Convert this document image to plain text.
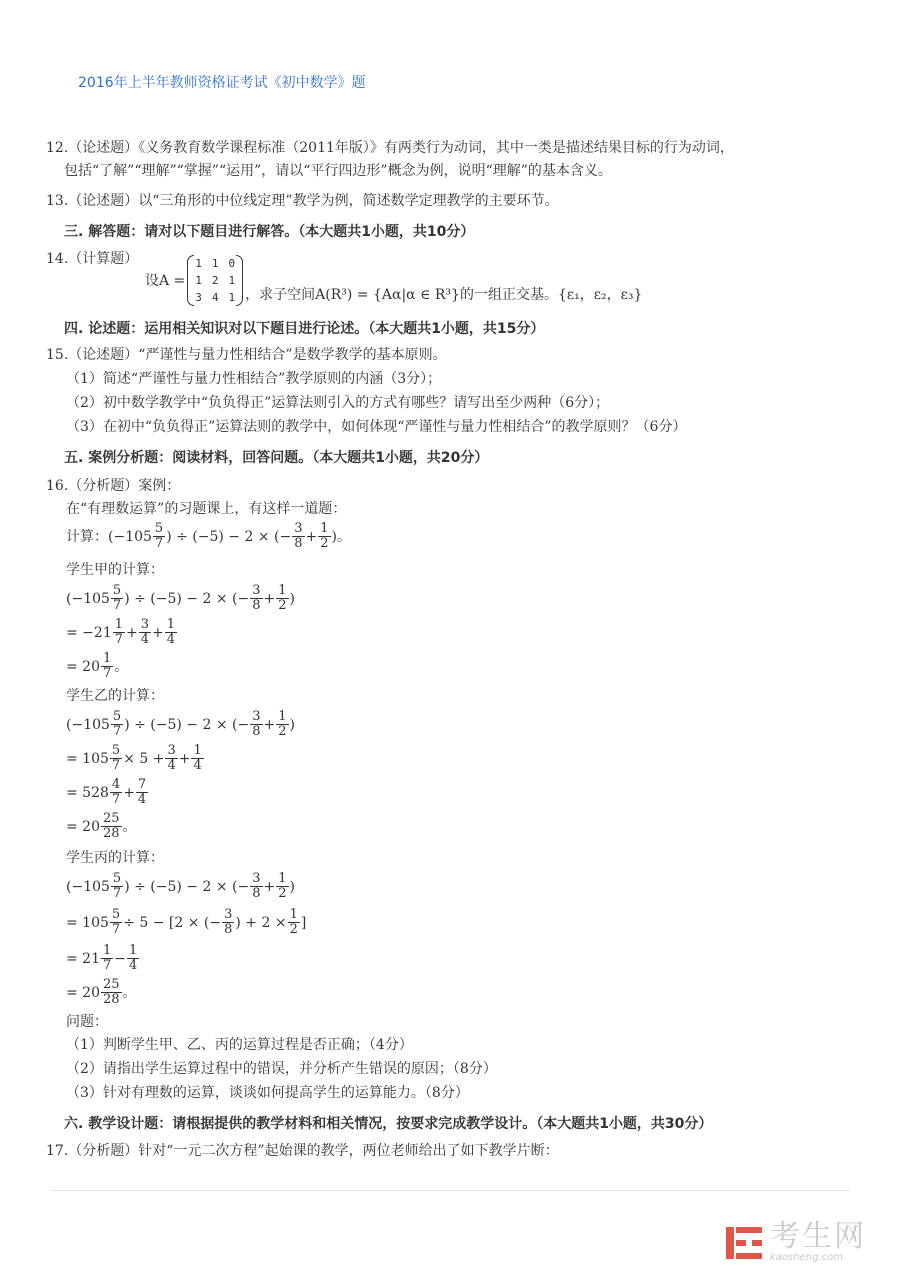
2016年上半年教师资格证考试《初中数学》题
12.（论述题）《义务教育数学课程标准（2011年版）》有两类行为动词，其中一类是描述结果目标的行为动词，
包括“了解”“理解”“掌握”“运用”，请以“平行四边形”概念为例，说明“理解”的基本含义。
13.（论述题）以“三角形的中位线定理”教学为例，简述数学定理教学的主要环节。
三. 解答题：请对以下题目进行解答。（本大题共1小题，共10分）
14.（计算题）
设A =
1 1 0
1 2 1
3 4 1 ，求子空间A(R³) = {Aα|α ∈ R³}的一组正交基。{ε₁，ε₂，ε₃}
四. 论述题：运用相关知识对以下题目进行论述。（本大题共1小题，共15分）
15.（论述题）“严谨性与量力性相结合”是数学教学的基本原则。
（1）简述“严谨性与量力性相结合”教学原则的内涵（3分）；
（2）初中数学教学中“负负得正”运算法则引入的方式有哪些？请写出至少两种（6分）；
（3）在初中“负负得正”运算法则的教学中，如何体现“严谨性与量力性相结合”的教学原则？（6分）
五. 案例分析题：阅读材料，回答问题。（本大题共1小题，共20分）
16.（分析题）案例：
在“有理数运算”的习题课上，有这样一道题：
计算： ($-105 \frac{5}{7}$ ) ÷ (−5) − 2 × (− $\frac{3}{8} + \frac{1}{2}$ )。
学生甲的计算：
($-105 \frac{5}{7}$ ) ÷ (−5) − 2 × (− $\frac{3}{8} + \frac{1}{2}$ )
= $-21 \frac{1}{7} + \frac{3}{4} + \frac{1}{4}$
= $20 \frac{1}{7}$ 。
学生乙的计算：
($-105 \frac{5}{7}$ ) ÷ (−5) − 2 × (− $\frac{3}{8} + \frac{1}{2}$ )
= $105 \frac{5}{7} \times 5 + \frac{3}{4} + \frac{1}{4}$
= $528 \frac{4}{7} + \frac{7}{4}$
= $20 \frac{25}{28}$ 。
学生丙的计算：
($-105 \frac{5}{7}$ ) ÷ (−5) − 2 × (− $\frac{3}{8} + \frac{1}{2}$ )
= $105 \frac{5}{7} \div 5 - [2$ × (− $\frac{3}{8}$ ) + $2 \times \frac{1}{2}$ ]
= $21 \frac{1}{7} - \frac{1}{4}$
= $20 \frac{25}{28}$ 。
问题：
（1）判断学生甲、乙、丙的运算过程是否正确；（4分）
（2）请指出学生运算过程中的错误，并分析产生错误的原因；（8分）
（3）针对有理数的运算，谈谈如何提高学生的运算能力。（8分）
六. 教学设计题：请根据提供的教学材料和相关情况，按要求完成教学设计。（本大题共1小题，共30分）
17.（分析题）针对“一元二次方程”起始课的教学，两位老师给出了如下教学片断：
考生网
kaosheng.com
